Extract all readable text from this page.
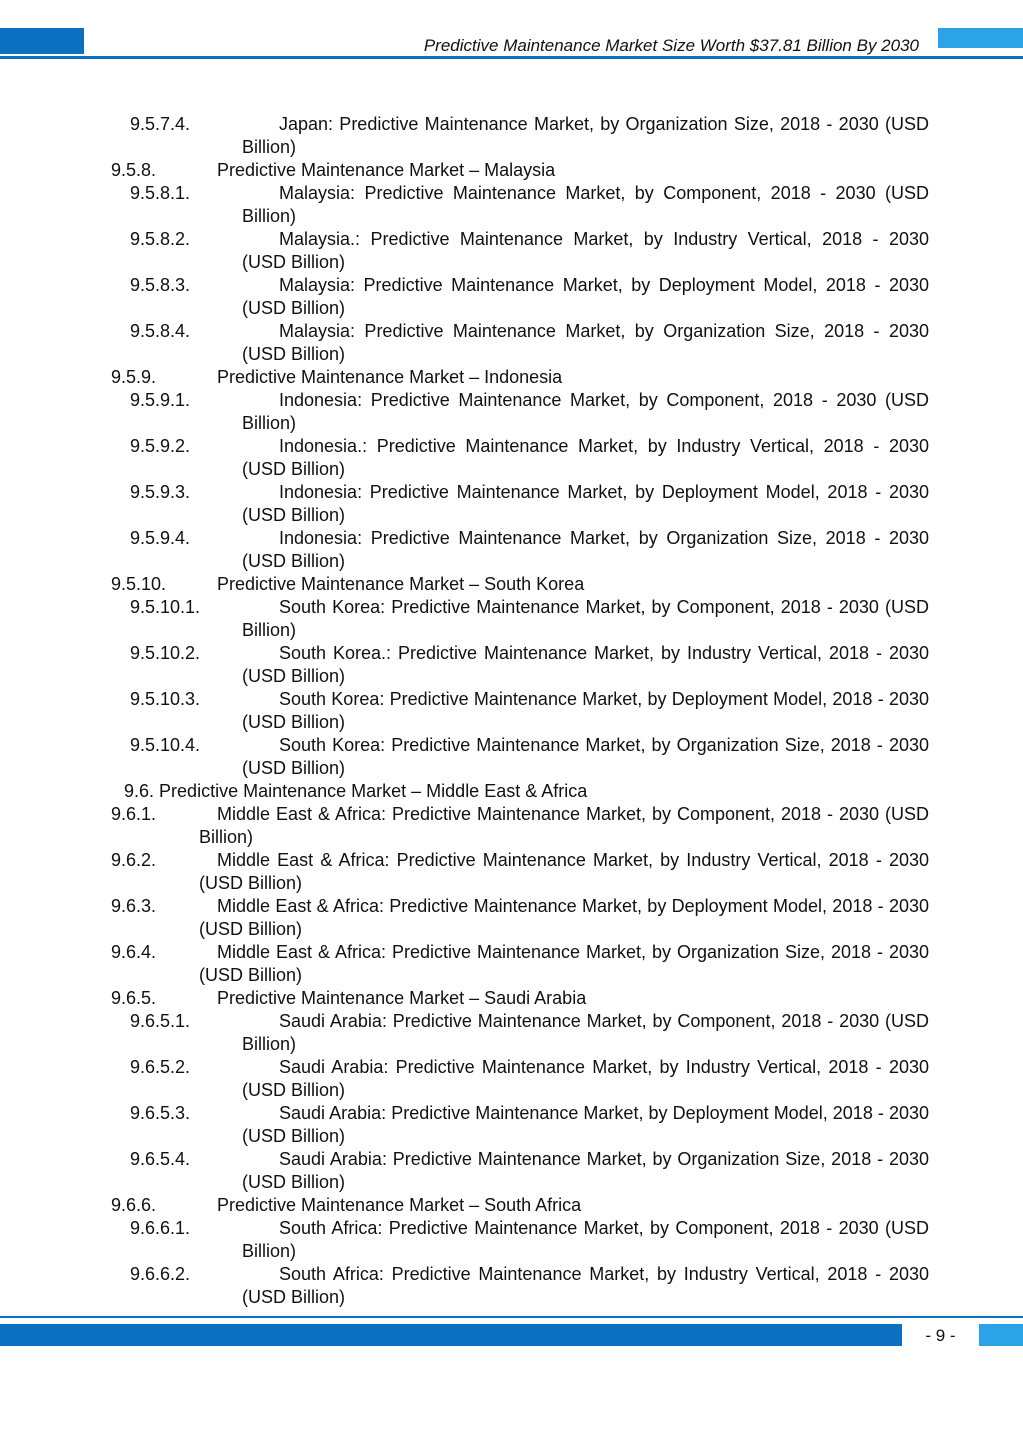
Predictive Maintenance Market Size Worth $37.81 Billion By 2030
9.5.7.4.	Japan: Predictive Maintenance Market, by Organization Size, 2018 - 2030 (USD Billion)
9.5.8.	Predictive Maintenance Market – Malaysia
9.5.8.1.	Malaysia: Predictive Maintenance Market, by Component, 2018 - 2030 (USD Billion)
9.5.8.2.	Malaysia.: Predictive Maintenance Market, by Industry Vertical, 2018 - 2030 (USD Billion)
9.5.8.3.	Malaysia: Predictive Maintenance Market, by Deployment Model, 2018 - 2030 (USD Billion)
9.5.8.4.	Malaysia: Predictive Maintenance Market, by Organization Size, 2018 - 2030 (USD Billion)
9.5.9.	Predictive Maintenance Market – Indonesia
9.5.9.1.	Indonesia: Predictive Maintenance Market, by Component, 2018 - 2030 (USD Billion)
9.5.9.2.	Indonesia.: Predictive Maintenance Market, by Industry Vertical, 2018 - 2030 (USD Billion)
9.5.9.3.	Indonesia: Predictive Maintenance Market, by Deployment Model, 2018 - 2030 (USD Billion)
9.5.9.4.	Indonesia: Predictive Maintenance Market, by Organization Size, 2018 - 2030 (USD Billion)
9.5.10.	Predictive Maintenance Market – South Korea
9.5.10.1.	South Korea: Predictive Maintenance Market, by Component, 2018 - 2030 (USD Billion)
9.5.10.2.	South Korea.: Predictive Maintenance Market, by Industry Vertical, 2018 - 2030 (USD Billion)
9.5.10.3.	South Korea: Predictive Maintenance Market, by Deployment Model, 2018 - 2030 (USD Billion)
9.5.10.4.	South Korea: Predictive Maintenance Market, by Organization Size, 2018 - 2030 (USD Billion)
9.6. Predictive Maintenance Market – Middle East & Africa
9.6.1.	Middle East & Africa: Predictive Maintenance Market, by Component, 2018 - 2030 (USD Billion)
9.6.2.	Middle East & Africa: Predictive Maintenance Market, by Industry Vertical, 2018 - 2030 (USD Billion)
9.6.3.	Middle East & Africa: Predictive Maintenance Market, by Deployment Model, 2018 - 2030 (USD Billion)
9.6.4.	Middle East & Africa: Predictive Maintenance Market, by Organization Size, 2018 - 2030 (USD Billion)
9.6.5.	Predictive Maintenance Market – Saudi Arabia
9.6.5.1.	Saudi Arabia: Predictive Maintenance Market, by Component, 2018 - 2030 (USD Billion)
9.6.5.2.	Saudi Arabia: Predictive Maintenance Market, by Industry Vertical, 2018 - 2030 (USD Billion)
9.6.5.3.	Saudi Arabia: Predictive Maintenance Market, by Deployment Model, 2018 - 2030 (USD Billion)
9.6.5.4.	Saudi Arabia: Predictive Maintenance Market, by Organization Size, 2018 - 2030 (USD Billion)
9.6.6.	Predictive Maintenance Market – South Africa
9.6.6.1.	South Africa: Predictive Maintenance Market, by Component, 2018 - 2030 (USD Billion)
9.6.6.2.	South Africa: Predictive Maintenance Market, by Industry Vertical, 2018 - 2030 (USD Billion)
- 9 -
